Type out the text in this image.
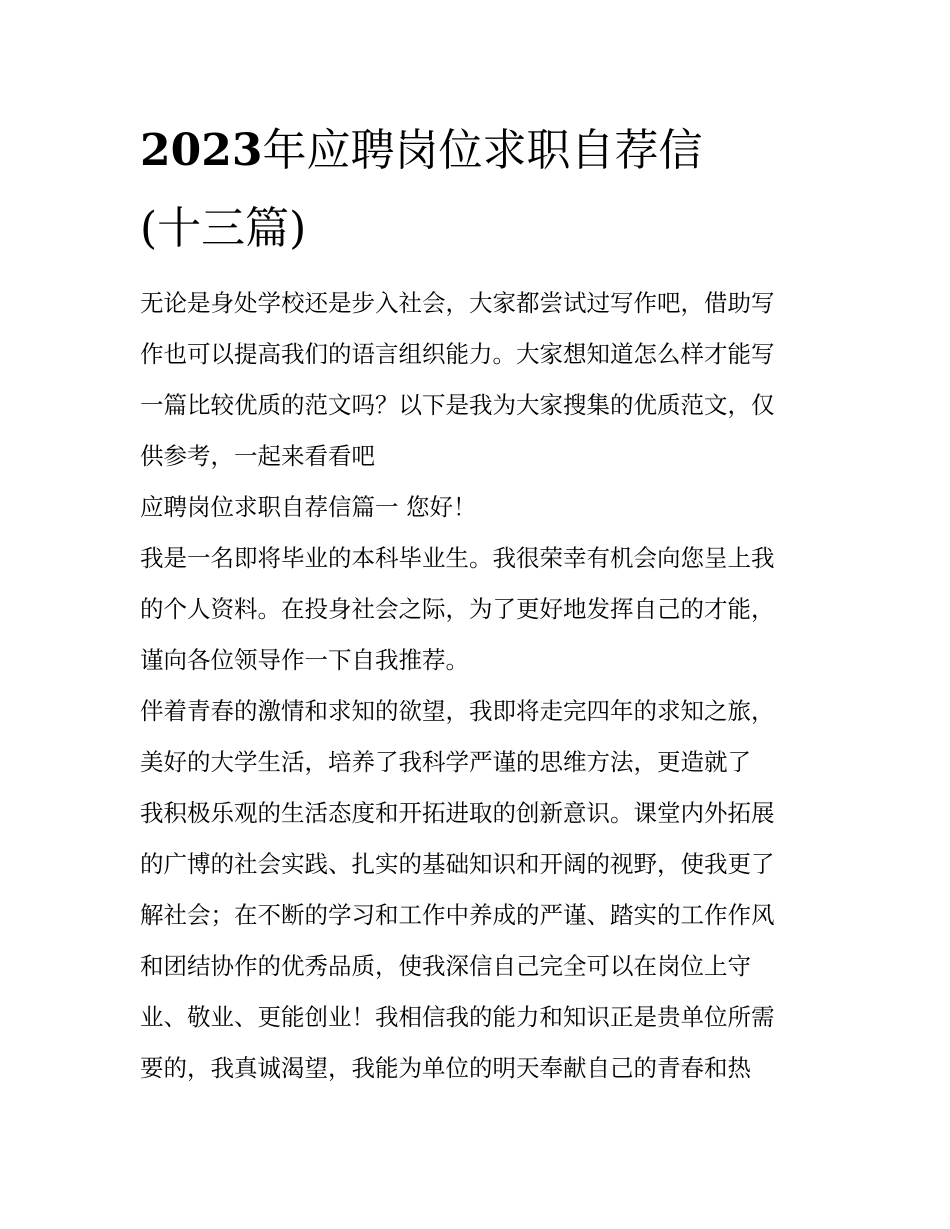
2023年应聘岗位求职自荐信
(十三篇)
无论是身处学校还是步入社会，大家都尝试过写作吧，借助写
作也可以提高我们的语言组织能力。大家想知道怎么样才能写
一篇比较优质的范文吗？以下是我为大家搜集的优质范文，仅
供参考，一起来看看吧
应聘岗位求职自荐信篇一 您好！
我是一名即将毕业的本科毕业生。我很荣幸有机会向您呈上我
的个人资料。在投身社会之际，为了更好地发挥自己的才能，
谨向各位领导作一下自我推荐。
伴着青春的激情和求知的欲望，我即将走完四年的求知之旅，
美好的大学生活，培养了我科学严谨的思维方法，更造就了
我积极乐观的生活态度和开拓进取的创新意识。课堂内外拓展
的广博的社会实践、扎实的基础知识和开阔的视野，使我更了
解社会；在不断的学习和工作中养成的严谨、踏实的工作作风
和团结协作的优秀品质，使我深信自己完全可以在岗位上守
业、敬业、更能创业！我相信我的能力和知识正是贵单位所需
要的，我真诚渴望，我能为单位的明天奉献自己的青春和热
